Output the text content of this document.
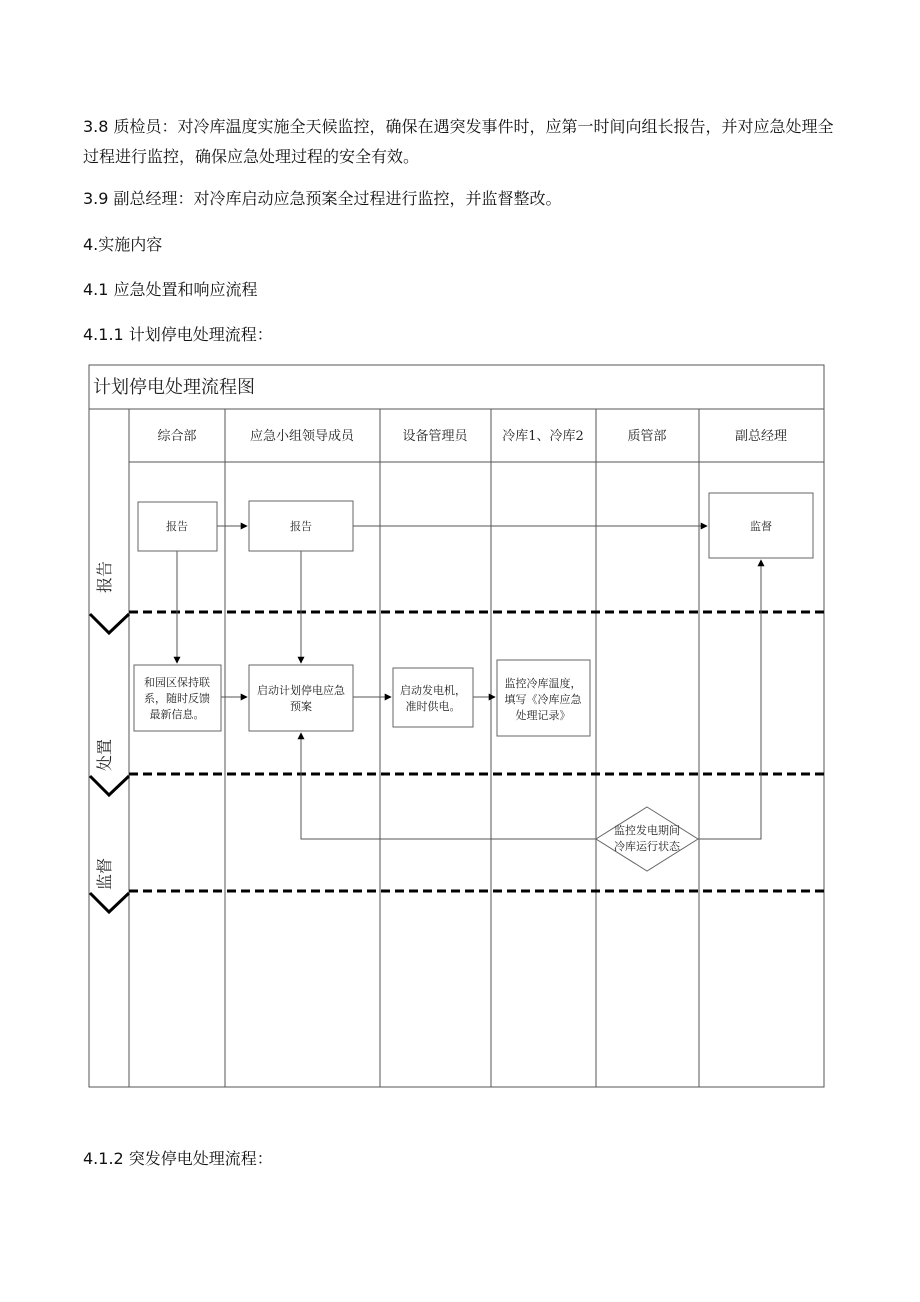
3.8 质检员：对冷库温度实施全天候监控，确保在遇突发事件时，应第一时间向组长报告，并对应急处理全过程进行监控，确保应急处理过程的安全有效。

3.9 副总经理：对冷库启动应急预案全过程进行监控，并监督整改。

4.实施内容

4.1 应急处置和响应流程

4.1.1 计划停电处理流程：

计划停电处理流程图
综合部	应急小组领导成员	设备管理员	冷库1、冷库2	质管部	副总经理
报
告
处
置
监
督
报告	报告	监督
和园区保持联
系，随时反馈
最新信息。
启动计划停电应急
预案
启动发电机，
准时供电。
监控冷库温度，
填写《冷库应急
处理记录》
监控发电期间
冷库运行状态

4.1.2 突发停电处理流程：
